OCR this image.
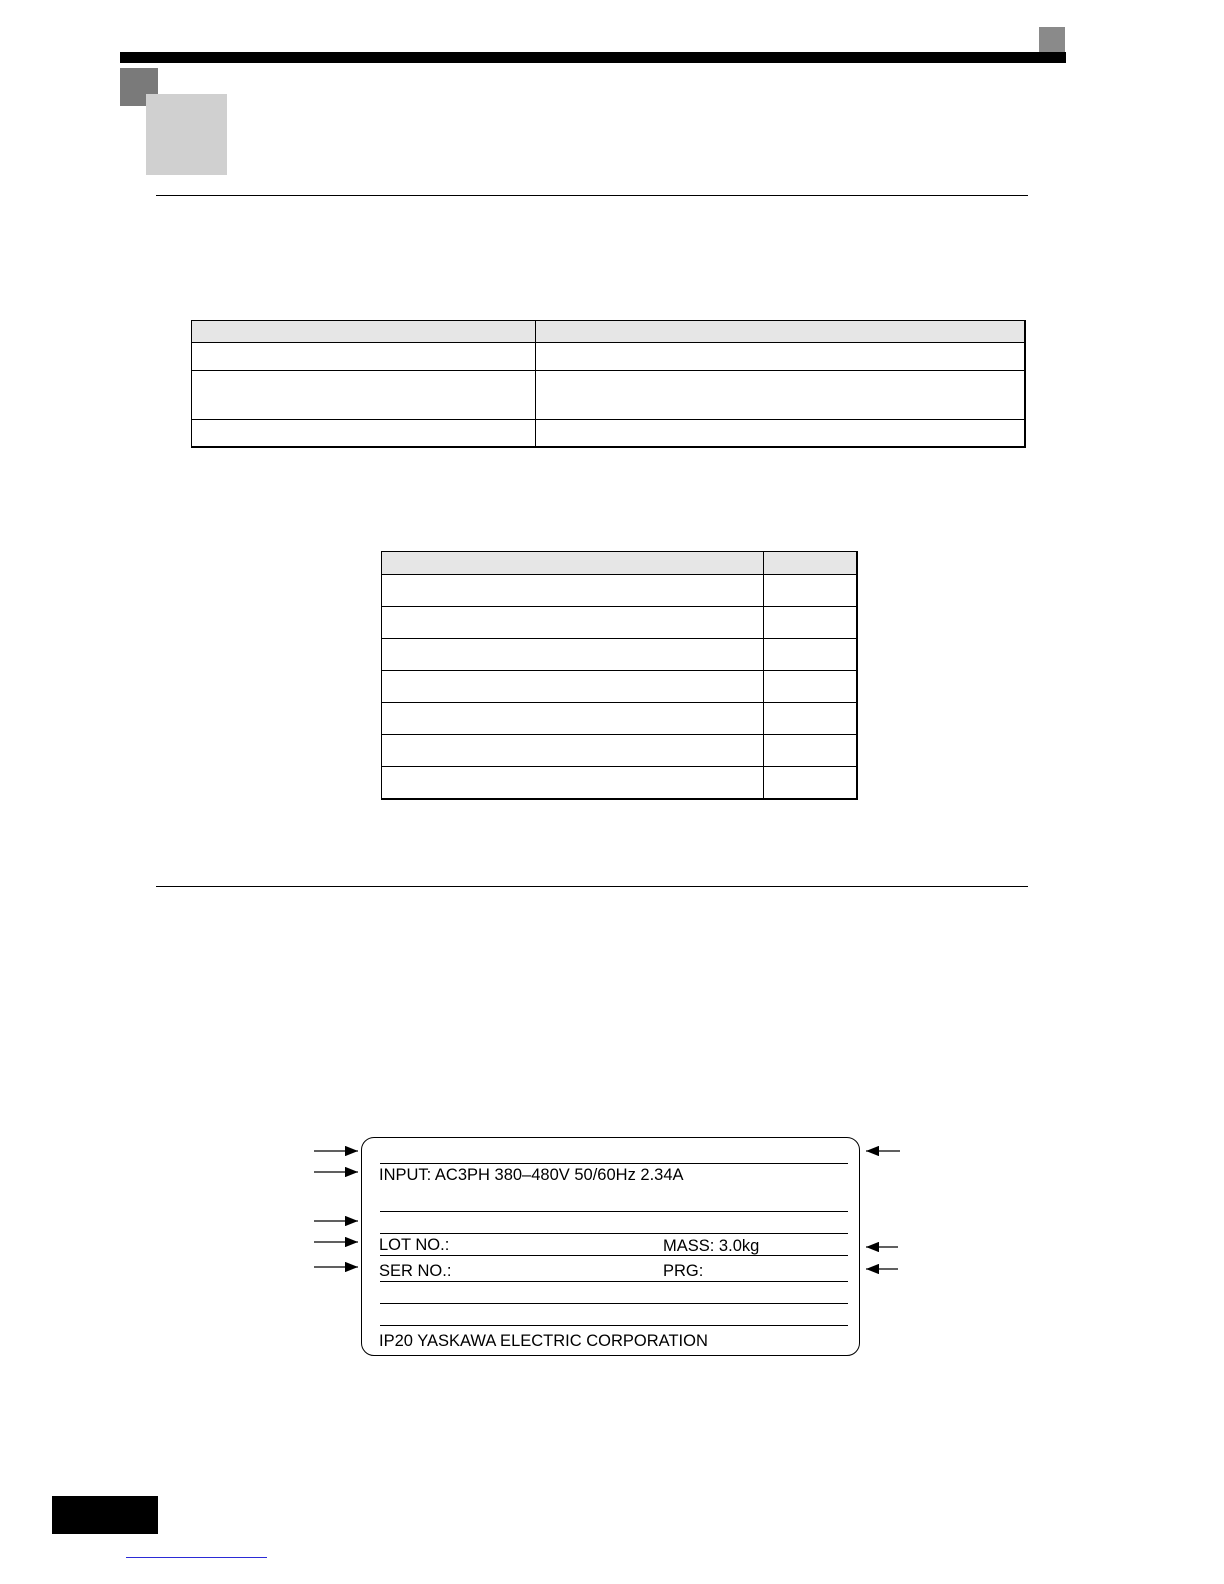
INPUT: AC3PH 380–480V 50/60Hz 2.34A
LOT NO.:	MASS: 3.0kg
SER NO.:	PRG:
IP20 YASKAWA ELECTRIC CORPORATION
